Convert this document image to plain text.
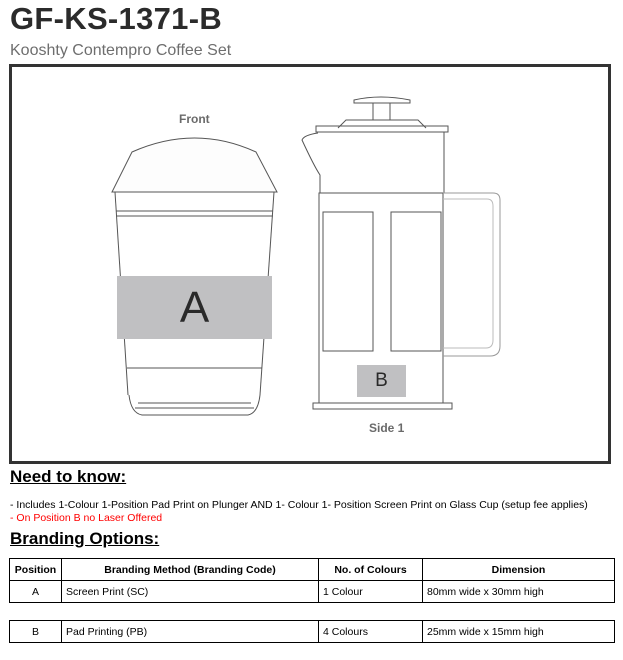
GF-KS-1371-B

Kooshty Contempro Coffee Set

Front
A
B
Side 1
Need to know:

- Includes 1-Colour 1-Position Pad Print on Plunger AND 1- Colour 1- Position Screen Print on Glass Cup (setup fee applies)

- On Position B no Laser Offered

Branding Options:
Position	Branding Method (Branding Code)	No. of Colours	Dimension
A	Screen Print (SC)	1 Colour	80mm wide x 30mm high
B	Pad Printing (PB)	4 Colours	25mm wide x 15mm high
